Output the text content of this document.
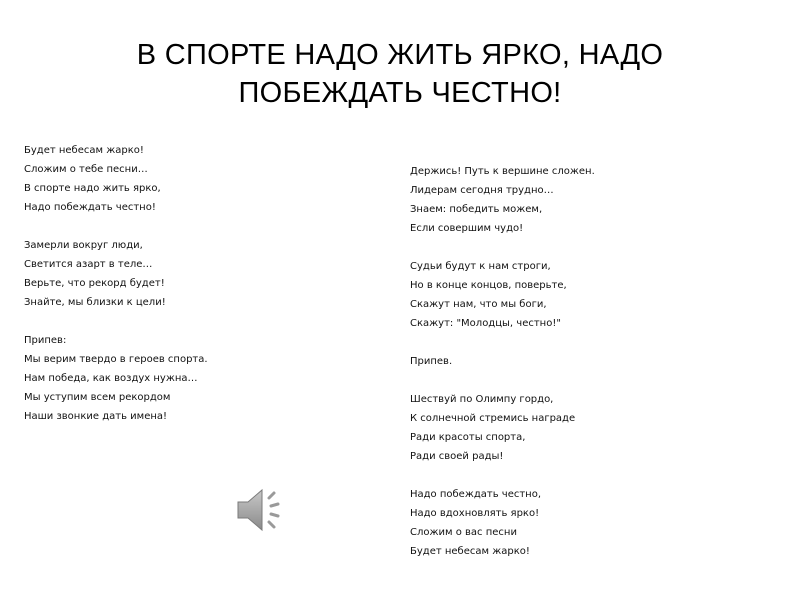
В СПОРТЕ НАДО ЖИТЬ ЯРКО, НАДО
ПОБЕЖДАТЬ ЧЕСТНО!
Будет небесам жарко!
Сложим о тебе песни…
В спорте надо жить ярко,
Надо побеждать честно!
Замерли вокруг люди,
Светится азарт в теле…
Верьте, что рекорд будет!
Знайте, мы близки к цели!
Припев:
Мы верим твердо в героев спорта.
Нам победа, как воздух нужна…
Мы уступим всем рекордом
Наши звонкие дать имена!
Держись! Путь к вершине сложен.
Лидерам сегодня трудно…
Знаем: победить можем,
Если совершим чудо!
Судьи будут к нам строги,
Но в конце концов, поверьте,
Скажут нам, что мы боги,
Скажут: "Молодцы, честно!"
Припев.
Шествуй по Олимпу гордо,
К солнечной стремись награде
Ради красоты спорта,
Ради своей рады!
Надо побеждать честно,
Надо вдохновлять ярко!
Сложим о вас песни
Будет небесам жарко!
